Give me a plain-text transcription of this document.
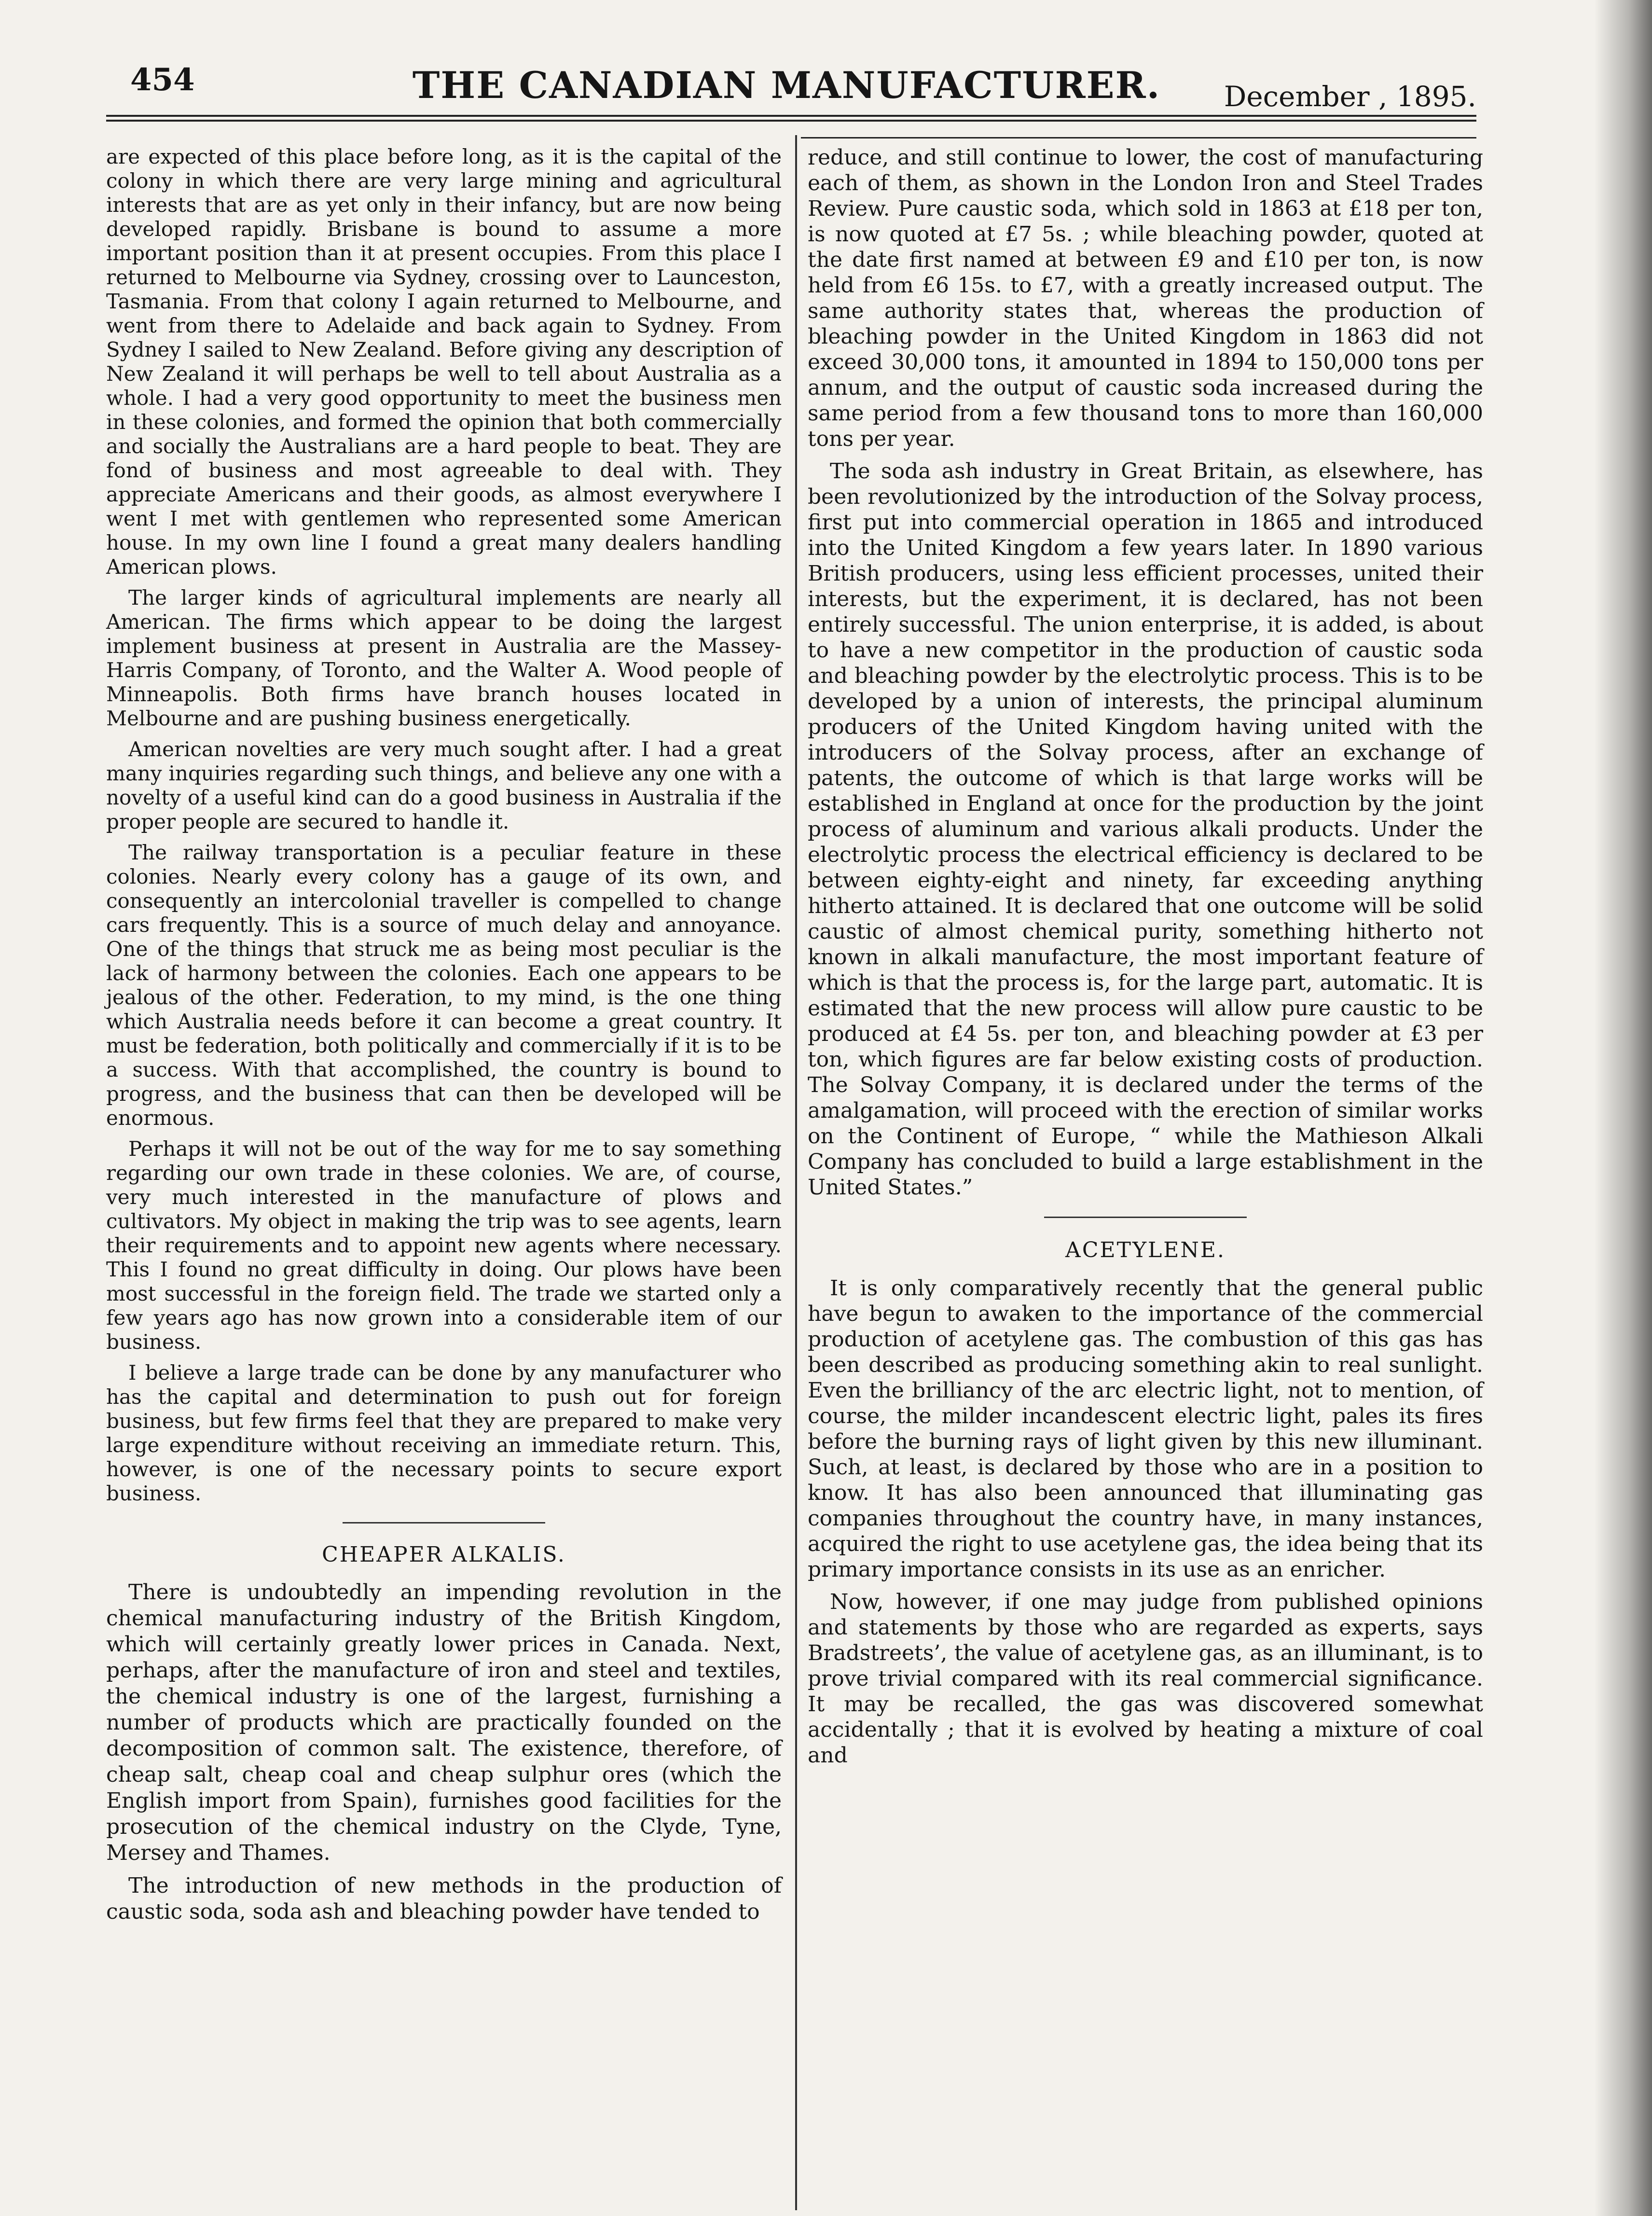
454	THE CANADIAN MANUFACTURER.	December , 1895.

are expected of this place before long, as it is the capital of the colony in which there are very large mining and agricultural interests that are as yet only in their infancy, but are now being developed rapidly. Brisbane is bound to assume a more important position than it at present occupies. From this place I returned to Melbourne via Sydney, crossing over to Launceston, Tasmania. From that colony I again returned to Melbourne, and went from there to Adelaide and back again to Sydney. From Sydney I sailed to New Zealand. Before giving any description of New Zealand it will perhaps be well to tell about Australia as a whole. I had a very good opportunity to meet the business men in these colonies, and formed the opinion that both commercially and socially the Australians are a hard people to beat. They are fond of business and most agreeable to deal with. They appreciate Americans and their goods, as almost everywhere I went I met with gentlemen who represented some American house. In my own line I found a great many dealers handling American plows.

The larger kinds of agricultural implements are nearly all American. The firms which appear to be doing the largest implement business at present in Australia are the Massey-Harris Company, of Toronto, and the Walter A. Wood people of Minneapolis. Both firms have branch houses located in Melbourne and are pushing business energetically.

American novelties are very much sought after. I had a great many inquiries regarding such things, and believe any one with a novelty of a useful kind can do a good business in Australia if the proper people are secured to handle it.

The railway transportation is a peculiar feature in these colonies. Nearly every colony has a gauge of its own, and consequently an intercolonial traveller is compelled to change cars frequently. This is a source of much delay and annoyance. One of the things that struck me as being most peculiar is the lack of harmony between the colonies. Each one appears to be jealous of the other. Federation, to my mind, is the one thing which Australia needs before it can become a great country. It must be federation, both politically and commercially if it is to be a success. With that accomplished, the country is bound to progress, and the business that can then be developed will be enormous.

Perhaps it will not be out of the way for me to say something regarding our own trade in these colonies. We are, of course, very much interested in the manufacture of plows and cultivators. My object in making the trip was to see agents, learn their requirements and to appoint new agents where necessary. This I found no great difficulty in doing. Our plows have been most successful in the foreign field. The trade we started only a few years ago has now grown into a considerable item of our business.

I believe a large trade can be done by any manufacturer who has the capital and determination to push out for foreign business, but few firms feel that they are prepared to make very large expenditure without receiving an immediate return. This, however, is one of the necessary points to secure export business.

CHEAPER ALKALIS.

There is undoubtedly an impending revolution in the chemical manufacturing industry of the British Kingdom, which will certainly greatly lower prices in Canada. Next, perhaps, after the manufacture of iron and steel and textiles, the chemical industry is one of the largest, furnishing a number of products which are practically founded on the decomposition of common salt. The existence, therefore, of cheap salt, cheap coal and cheap sulphur ores (which the English import from Spain), furnishes good facilities for the prosecution of the chemical industry on the Clyde, Tyne, Mersey and Thames.

The introduction of new methods in the production of caustic soda, soda ash and bleaching powder have tended to

reduce, and still continue to lower, the cost of manufacturing each of them, as shown in the London Iron and Steel Trades Review. Pure caustic soda, which sold in 1863 at £18 per ton, is now quoted at £7 5s. ; while bleaching powder, quoted at the date first named at between £9 and £10 per ton, is now held from £6 15s. to £7, with a greatly increased output. The same authority states that, whereas the production of bleaching powder in the United Kingdom in 1863 did not exceed 30,000 tons, it amounted in 1894 to 150,000 tons per annum, and the output of caustic soda increased during the same period from a few thousand tons to more than 160,000 tons per year.

The soda ash industry in Great Britain, as elsewhere, has been revolutionized by the introduction of the Solvay process, first put into commercial operation in 1865 and introduced into the United Kingdom a few years later. In 1890 various British producers, using less efficient processes, united their interests, but the experiment, it is declared, has not been entirely successful. The union enterprise, it is added, is about to have a new competitor in the production of caustic soda and bleaching powder by the electrolytic process. This is to be developed by a union of interests, the principal aluminum producers of the United Kingdom having united with the introducers of the Solvay process, after an exchange of patents, the outcome of which is that large works will be established in England at once for the production by the joint process of aluminum and various alkali products. Under the electrolytic process the electrical efficiency is declared to be between eighty-eight and ninety, far exceeding anything hitherto attained. It is declared that one outcome will be solid caustic of almost chemical purity, something hitherto not known in alkali manufacture, the most important feature of which is that the process is, for the large part, automatic. It is estimated that the new process will allow pure caustic to be produced at £4 5s. per ton, and bleaching powder at £3 per ton, which figures are far below existing costs of production. The Solvay Company, it is declared under the terms of the amalgamation, will proceed with the erection of similar works on the Continent of Europe, “ while the Mathieson Alkali Company has concluded to build a large establishment in the United States.”

ACETYLENE.

It is only comparatively recently that the general public have begun to awaken to the importance of the commercial production of acetylene gas. The combustion of this gas has been described as producing something akin to real sunlight. Even the brilliancy of the arc electric light, not to mention, of course, the milder incandescent electric light, pales its fires before the burning rays of light given by this new illuminant. Such, at least, is declared by those who are in a position to know. It has also been announced that illuminating gas companies throughout the country have, in many instances, acquired the right to use acetylene gas, the idea being that its primary importance consists in its use as an enricher.

Now, however, if one may judge from published opinions and statements by those who are regarded as experts, says Bradstreets’, the value of acetylene gas, as an illuminant, is to prove trivial compared with its real commercial significance. It may be recalled, the gas was discovered somewhat accidentally ; that it is evolved by heating a mixture of coal and
